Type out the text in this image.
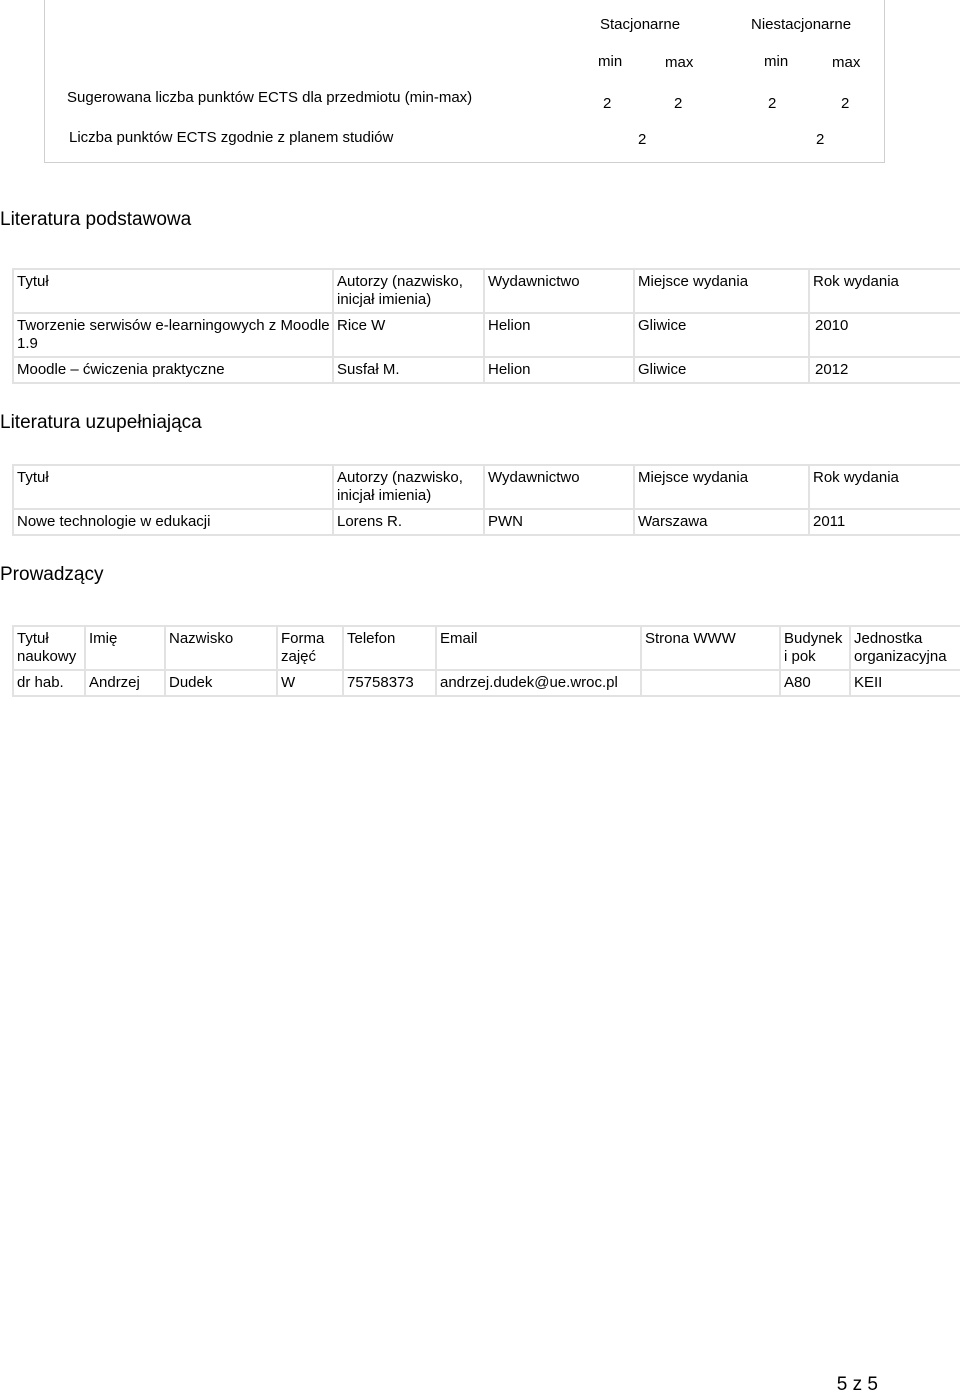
Stacjonarne	Niestacjonarne
min	max	min	max
Sugerowana liczba punktów ECTS dla przedmiotu (min-max)	2	2	2	2
Liczba punktów ECTS zgodnie z planem studiów	2	2
Literatura podstawowa
Tytuł	Autorzy (nazwisko, inicjał imienia)	Wydawnictwo	Miejsce wydania	Rok wydania
Tworzenie serwisów e-learningowych z Moodle 1.9	Rice W	Helion	Gliwice	2010
Moodle – ćwiczenia praktyczne	Susfał M.	Helion	Gliwice	2012
Literatura uzupełniająca
Tytuł	Autorzy (nazwisko, inicjał imienia)	Wydawnictwo	Miejsce wydania	Rok wydania
Nowe technologie w edukacji	Lorens R.	PWN	Warszawa	2011
Prowadzący
Tytuł naukowy	Imię	Nazwisko	Forma zajęć	Telefon	Email	Strona WWW	Budynek i pok	Jednostka organizacyjna
dr hab.	Andrzej	Dudek	W	75758373	andrzej.dudek@ue.wroc.pl		A80	KEII
5 z 5
